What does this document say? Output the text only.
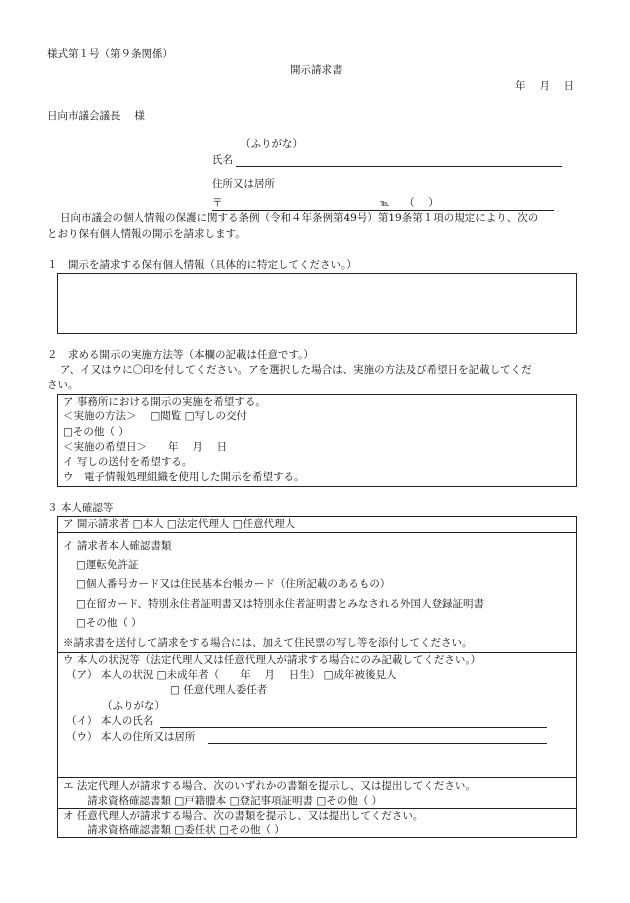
様式第１号（第９条関係）
開示請求書
年　 月　 日
日向市議会議長　 様
（ふりがな）
氏名
住所又は居所
〒	℡ （　 ）
日向市議会の個人情報の保護に関する条例（令和４年条例第49号）第19条第１項の規定により、次の
とおり保有個人情報の開示を請求します。
１　開示を請求する保有個人情報（具体的に特定してください。）
２　求める開示の実施方法等（本欄の記載は任意です。）
ア、イ又はウに〇印を付してください。アを選択した場合は、実施の方法及び希望日を記載してくだ
さい。
ア 事務所における開示の実施を希望する。
＜実施の方法＞　 □閲覧 □写しの交付
□その他（ ）
＜実施の希望日＞　　年　 月　 日
イ 写しの送付を希望する。
ウ　電子情報処理組織を使用した開示を希望する。
３ 本人確認等
ア 開示請求者 □本人 □法定代理人 □任意代理人
イ 請求者本人確認書類
□運転免許証
□個人番号カード又は住民基本台帳カード（住所記載のあるもの）
□在留カード、特別永住者証明書又は特別永住者証明書とみなされる外国人登録証明書
□その他（ ）
※請求書を送付して請求をする場合には、加えて住民票の写し等を添付してください。
ウ 本人の状況等（法定代理人又は任意代理人が請求する場合にのみ記載してください。）
（ア） 本人の状況 □未成年者（　　年　 月　 日生） □成年被後見人
□ 任意代理人委任者
（ふりがな）
（イ） 本人の氏名
（ウ） 本人の住所又は居所
エ 法定代理人が請求する場合、次のいずれかの書類を提示し、又は提出してください。
請求資格確認書類 □戸籍謄本 □登記事項証明書 □その他（ ）
オ 任意代理人が請求する場合、次の書類を提示し、又は提出してください。
請求資格確認書類 □委任状 □その他（ ）
